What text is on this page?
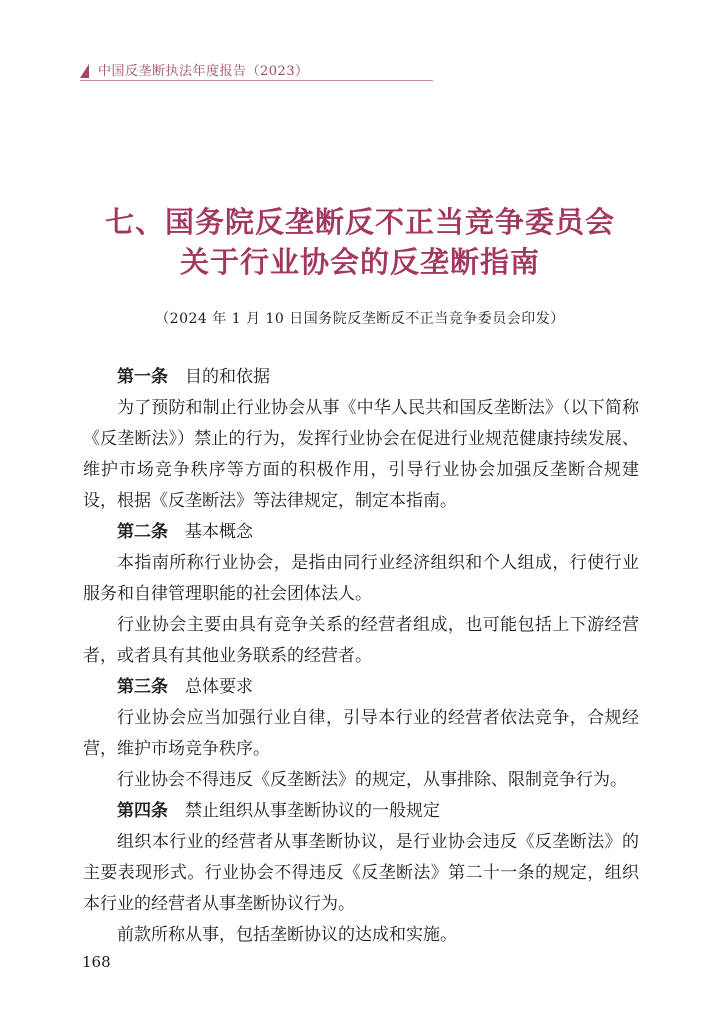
中国反垄断执法年度报告（2023）
七、国务院反垄断反不正当竞争委员会
关于行业协会的反垄断指南
（2024 年 1 月 10 日国务院反垄断反不正当竞争委员会印发）

第一条 目的和依据

为了预防和制止行业协会从事《中华人民共和国反垄断法》（以下简称《反垄断法》）禁止的行为，发挥行业协会在促进行业规范健康持续发展、维护市场竞争秩序等方面的积极作用，引导行业协会加强反垄断合规建设，根据《反垄断法》等法律规定，制定本指南。

第二条 基本概念

本指南所称行业协会，是指由同行业经济组织和个人组成，行使行业服务和自律管理职能的社会团体法人。

行业协会主要由具有竞争关系的经营者组成，也可能包括上下游经营者，或者具有其他业务联系的经营者。

第三条 总体要求

行业协会应当加强行业自律，引导本行业的经营者依法竞争，合规经营，维护市场竞争秩序。

行业协会不得违反《反垄断法》的规定，从事排除、限制竞争行为。

第四条 禁止组织从事垄断协议的一般规定

组织本行业的经营者从事垄断协议，是行业协会违反《反垄断法》的主要表现形式。行业协会不得违反《反垄断法》第二十一条的规定，组织本行业的经营者从事垄断协议行为。

前款所称从事，包括垄断协议的达成和实施。

168
